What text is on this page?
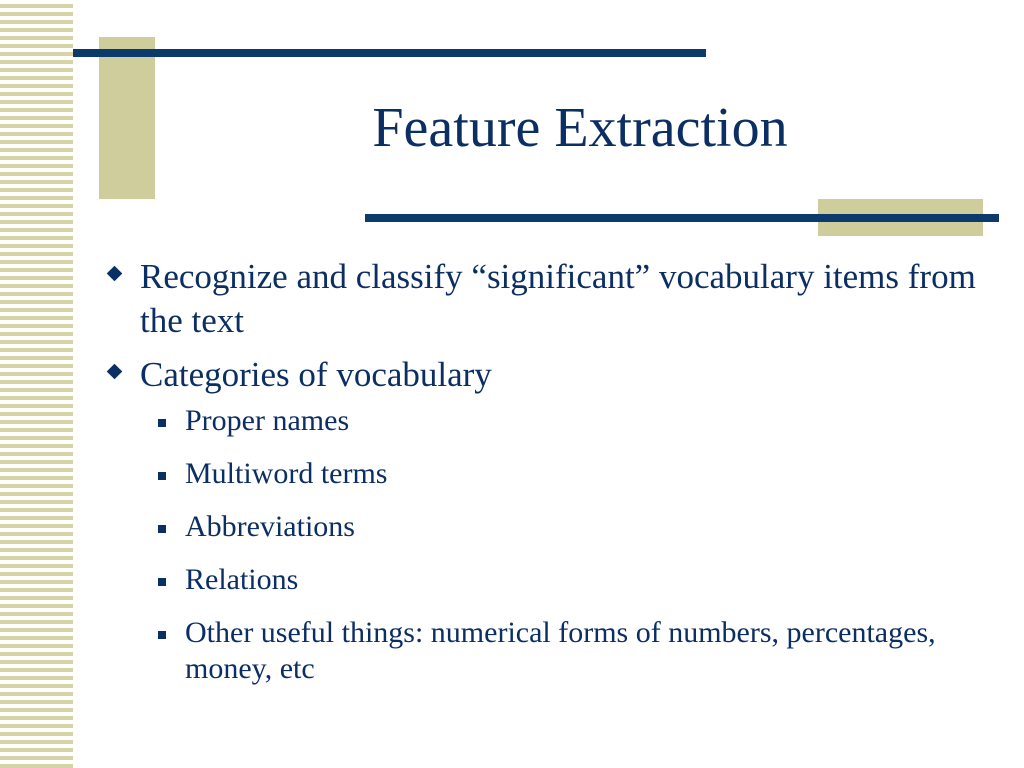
Feature Extraction
Recognize and classify “significant” vocabulary items from the text
Categories of vocabulary
Proper names
Multiword terms
Abbreviations
Relations
Other useful things: numerical forms of numbers, percentages, money, etc
